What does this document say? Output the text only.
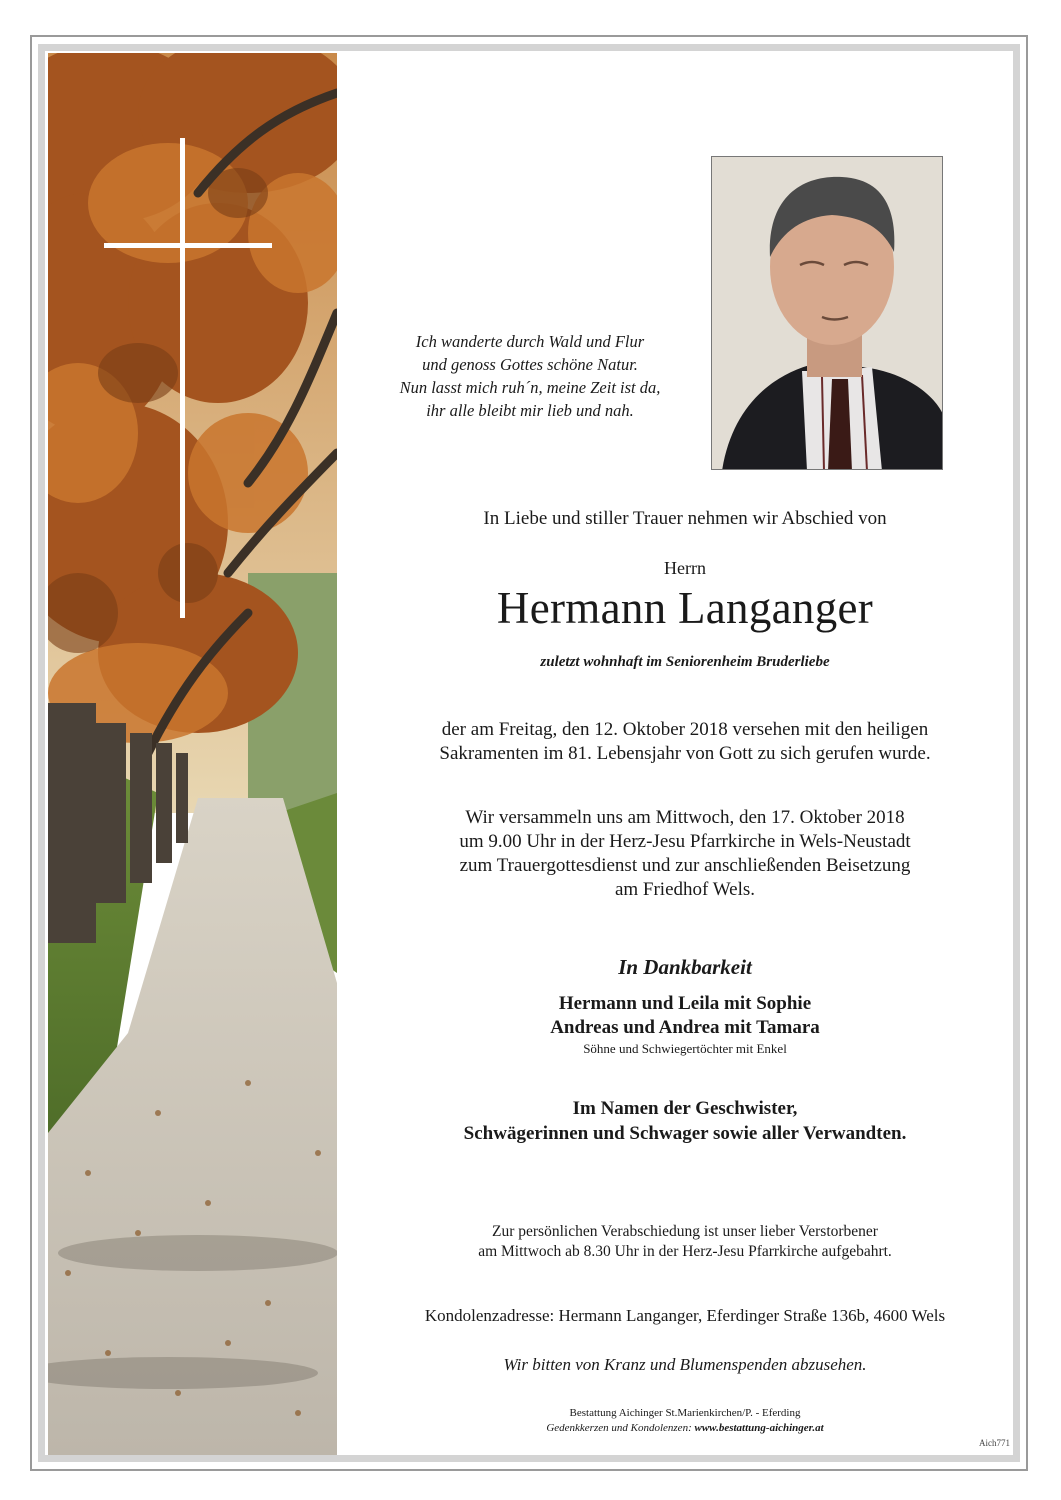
Ich wanderte durch Wald und Flur
und genoss Gottes schöne Natur.
Nun lasst mich ruh´n, meine Zeit ist da,
ihr alle bleibt mir lieb und nah.
In Liebe und stiller Trauer nehmen wir Abschied von
Herrn
Hermann Langanger
zuletzt wohnhaft im Seniorenheim Bruderliebe
der am Freitag, den 12. Oktober 2018 versehen mit den heiligen
Sakramenten im 81. Lebensjahr von Gott zu sich gerufen wurde.
Wir versammeln uns am Mittwoch, den 17. Oktober 2018
um 9.00 Uhr in der Herz-Jesu Pfarrkirche in Wels-Neustadt
zum Trauergottesdienst und zur anschließenden Beisetzung
am Friedhof Wels.
In Dankbarkeit
Hermann und Leila mit Sophie
Andreas und Andrea mit Tamara
Söhne und Schwiegertöchter mit Enkel
Im Namen der Geschwister,
Schwägerinnen und Schwager sowie aller Verwandten.
Zur persönlichen Verabschiedung ist unser lieber Verstorbener
am Mittwoch ab 8.30 Uhr in der Herz-Jesu Pfarrkirche aufgebahrt.
Kondolenzadresse: Hermann Langanger, Eferdinger Straße 136b, 4600 Wels
Wir bitten von Kranz und Blumenspenden abzusehen.
Bestattung Aichinger St.Marienkirchen/P. - Eferding
Gedenkkerzen und Kondolenzen: www.bestattung-aichinger.at
Aich771
